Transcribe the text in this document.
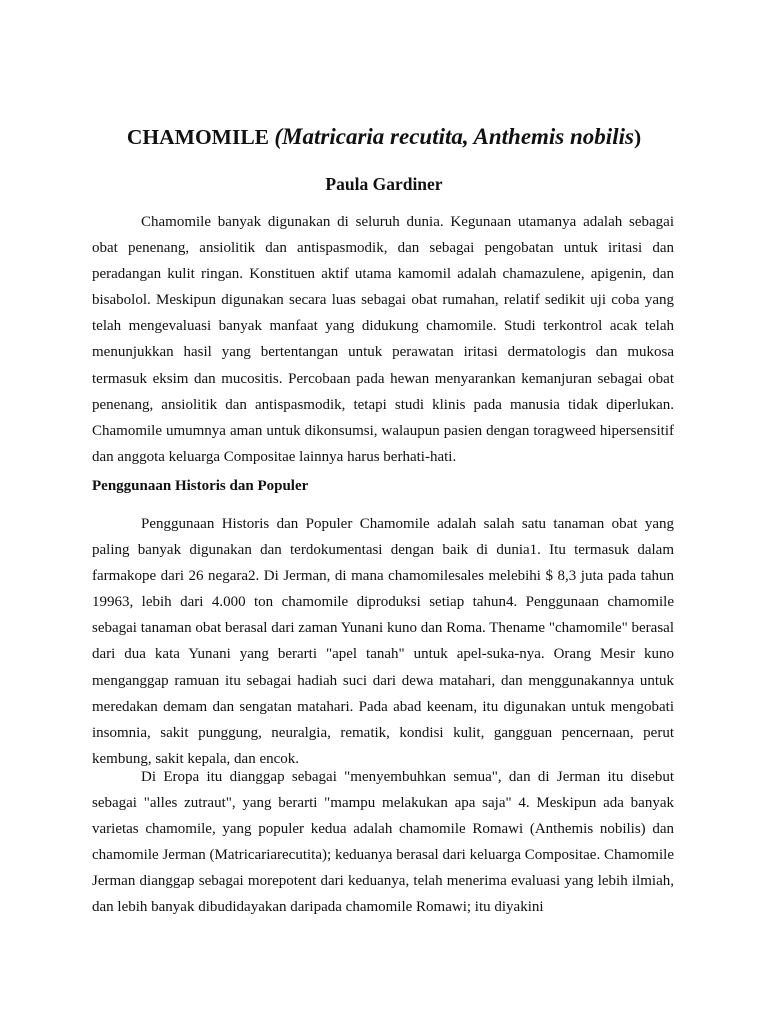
CHAMOMILE (Matricaria recutita, Anthemis nobilis)
Paula Gardiner

Chamomile banyak digunakan di seluruh dunia. Kegunaan utamanya adalah sebagai obat penenang, ansiolitik dan antispasmodik, dan sebagai pengobatan untuk iritasi dan peradangan kulit ringan. Konstituen aktif utama kamomil adalah chamazulene, apigenin, dan bisabolol. Meskipun digunakan secara luas sebagai obat rumahan, relatif sedikit uji coba yang telah mengevaluasi banyak manfaat yang didukung chamomile. Studi terkontrol acak telah menunjukkan hasil yang bertentangan untuk perawatan iritasi dermatologis dan mukosa termasuk eksim dan mucositis. Percobaan pada hewan menyarankan kemanjuran sebagai obat penenang, ansiolitik dan antispasmodik, tetapi studi klinis pada manusia tidak diperlukan. Chamomile umumnya aman untuk dikonsumsi, walaupun pasien dengan toragweed hipersensitif dan anggota keluarga Compositae lainnya harus berhati-hati.

Penggunaan Historis dan Populer

Penggunaan Historis dan Populer Chamomile adalah salah satu tanaman obat yang paling banyak digunakan dan terdokumentasi dengan baik di dunia1. Itu termasuk dalam farmakope dari 26 negara2. Di Jerman, di mana chamomilesales melebihi $ 8,3 juta pada tahun 19963, lebih dari 4.000 ton chamomile diproduksi setiap tahun4. Penggunaan chamomile sebagai tanaman obat berasal dari zaman Yunani kuno dan Roma. Thename "chamomile" berasal dari dua kata Yunani yang berarti "apel tanah" untuk apel-suka-nya. Orang Mesir kuno menganggap ramuan itu sebagai hadiah suci dari dewa matahari, dan menggunakannya untuk meredakan demam dan sengatan matahari. Pada abad keenam, itu digunakan untuk mengobati insomnia, sakit punggung, neuralgia, rematik, kondisi kulit, gangguan pencernaan, perut kembung, sakit kepala, dan encok.

Di Eropa itu dianggap sebagai "menyembuhkan semua", dan di Jerman itu disebut sebagai "alles zutraut", yang berarti "mampu melakukan apa saja" 4. Meskipun ada banyak varietas chamomile, yang populer kedua adalah chamomile Romawi (Anthemis nobilis) dan chamomile Jerman (Matricariarecutita); keduanya berasal dari keluarga Compositae. Chamomile Jerman dianggap sebagai morepotent dari keduanya, telah menerima evaluasi yang lebih ilmiah, dan lebih banyak dibudidayakan daripada chamomile Romawi; itu diyakini
